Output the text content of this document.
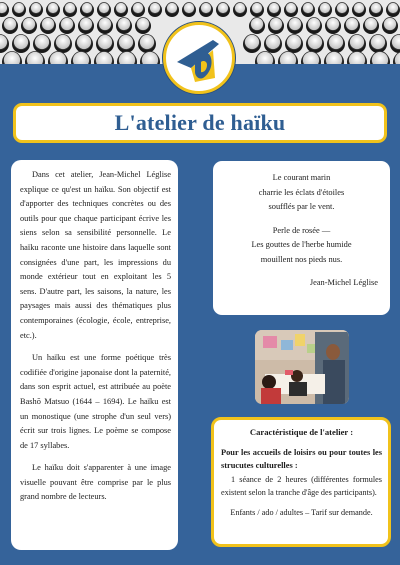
L'atelier de haïku

Dans cet atelier, Jean-Michel Léglise explique ce qu'est un haïku. Son objectif est d'apporter des techniques concrètes ou des outils pour que chaque participant écrive les siens selon sa sensibilité personnelle. Le haïku raconte une histoire dans laquelle sont consignées d'une part, les impressions du monde extérieur tout en exploitant les 5 sens. D'autre part, les saisons, la nature, les paysages mais aussi des thématiques plus contemporaines (écologie, école, entreprise, etc.).

Un haïku est une forme poétique très codifiée d'origine japonaise dont la paternité, dans son esprit actuel, est attribuée au poète Bashō Matsuo (1644 – 1694). Le haïku est un monostique (une strophe d'un seul vers) écrit sur trois lignes. Le poème se compose de 17 syllabes.

Le haïku doit s'apparenter à une image visuelle pouvant être comprise par le plus grand nombre de lecteurs.

Le courant marin
charrie les éclats d'étoiles
soufflés par le vent.
Perle de rosée —
Les gouttes de l'herbe humide
mouillent nos pieds nus.
Jean-Michel Léglise
Caractéristique de l'atelier :
Pour les accueils de loisirs ou pour toutes les strucutes culturelles :
1 séance de 2 heures (différentes formules existent selon la tranche d'âge des participants).
Enfants / ado / adultes – Tarif sur demande.
